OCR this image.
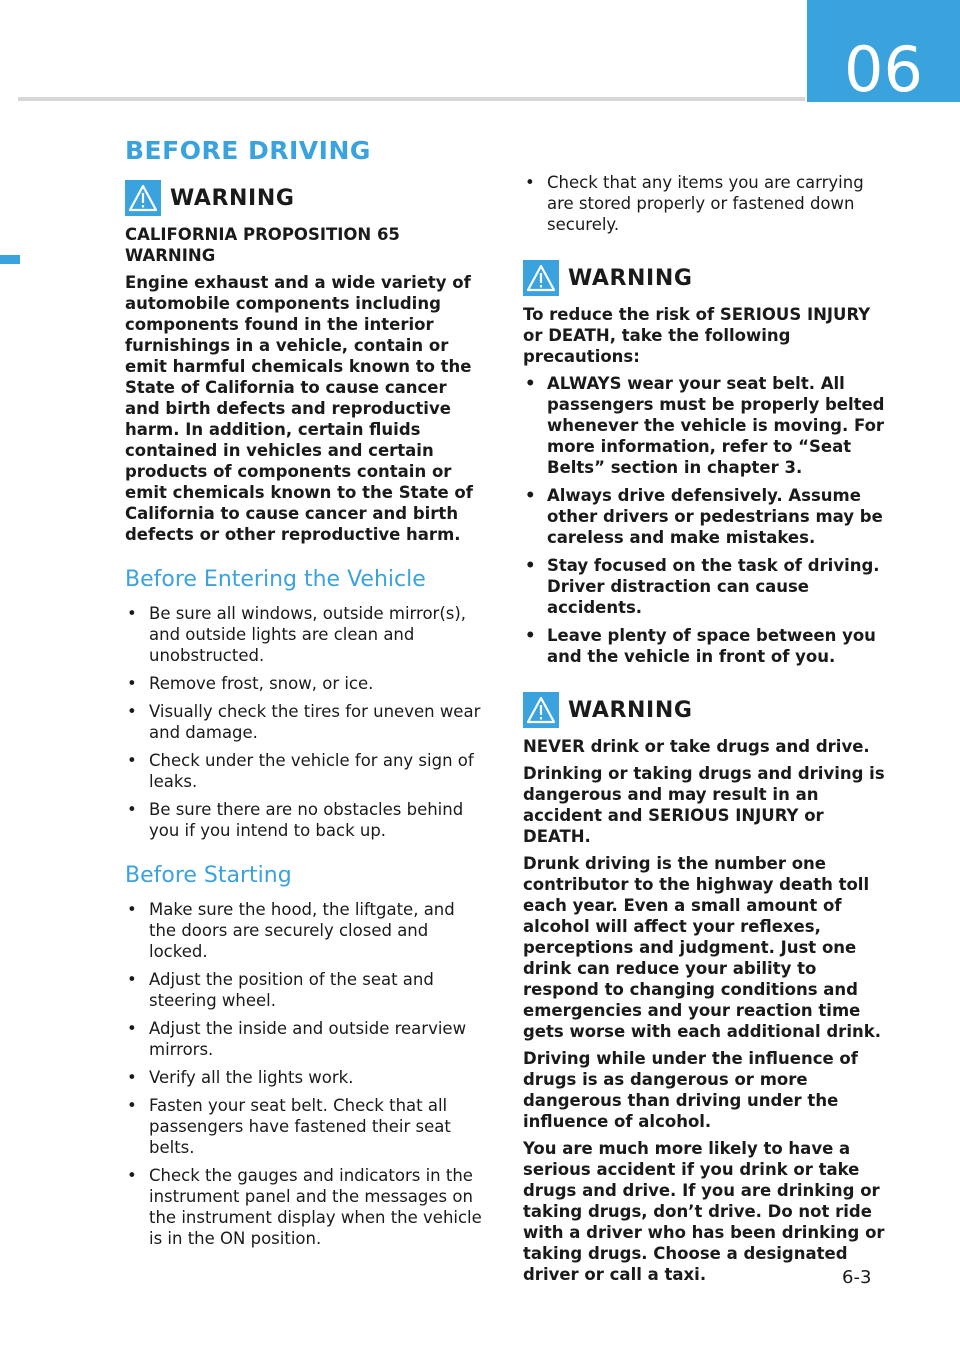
06
BEFORE DRIVING
WARNING

CALIFORNIA PROPOSITION 65 WARNING

Engine exhaust and a wide variety of automobile components including components found in the interior furnishings in a vehicle, contain or emit harmful chemicals known to the State of California to cause cancer and birth defects and reproductive harm. In addition, certain fluids contained in vehicles and certain products of components contain or emit chemicals known to the State of California to cause cancer and birth defects or other reproductive harm.

Before Entering the Vehicle
• Be sure all windows, outside mirror(s), and outside lights are clean and unobstructed.
• Remove frost, snow, or ice.
• Visually check the tires for uneven wear and damage.
• Check under the vehicle for any sign of leaks.
• Be sure there are no obstacles behind you if you intend to back up.
Before Starting
• Make sure the hood, the liftgate, and the doors are securely closed and locked.
• Adjust the position of the seat and steering wheel.
• Adjust the inside and outside rearview mirrors.
• Verify all the lights work.
• Fasten your seat belt. Check that all passengers have fastened their seat belts.
• Check the gauges and indicators in the instrument panel and the messages on the instrument display when the vehicle is in the ON position.
• Check that any items you are carrying are stored properly or fastened down securely.
WARNING

To reduce the risk of SERIOUS INJURY or DEATH, take the following precautions:

• ALWAYS wear your seat belt. All passengers must be properly belted whenever the vehicle is moving. For more information, refer to “Seat Belts” section in chapter 3.
• Always drive defensively. Assume other drivers or pedestrians may be careless and make mistakes.
• Stay focused on the task of driving. Driver distraction can cause accidents.
• Leave plenty of space between you and the vehicle in front of you.
WARNING

NEVER drink or take drugs and drive.

Drinking or taking drugs and driving is dangerous and may result in an accident and SERIOUS INJURY or DEATH.

Drunk driving is the number one contributor to the highway death toll each year. Even a small amount of alcohol will affect your reflexes, perceptions and judgment. Just one drink can reduce your ability to respond to changing conditions and emergencies and your reaction time gets worse with each additional drink.

Driving while under the influence of drugs is as dangerous or more dangerous than driving under the influence of alcohol.

You are much more likely to have a serious accident if you drink or take drugs and drive. If you are drinking or taking drugs, don’t drive. Do not ride with a driver who has been drinking or taking drugs. Choose a designated driver or call a taxi.	6-3
